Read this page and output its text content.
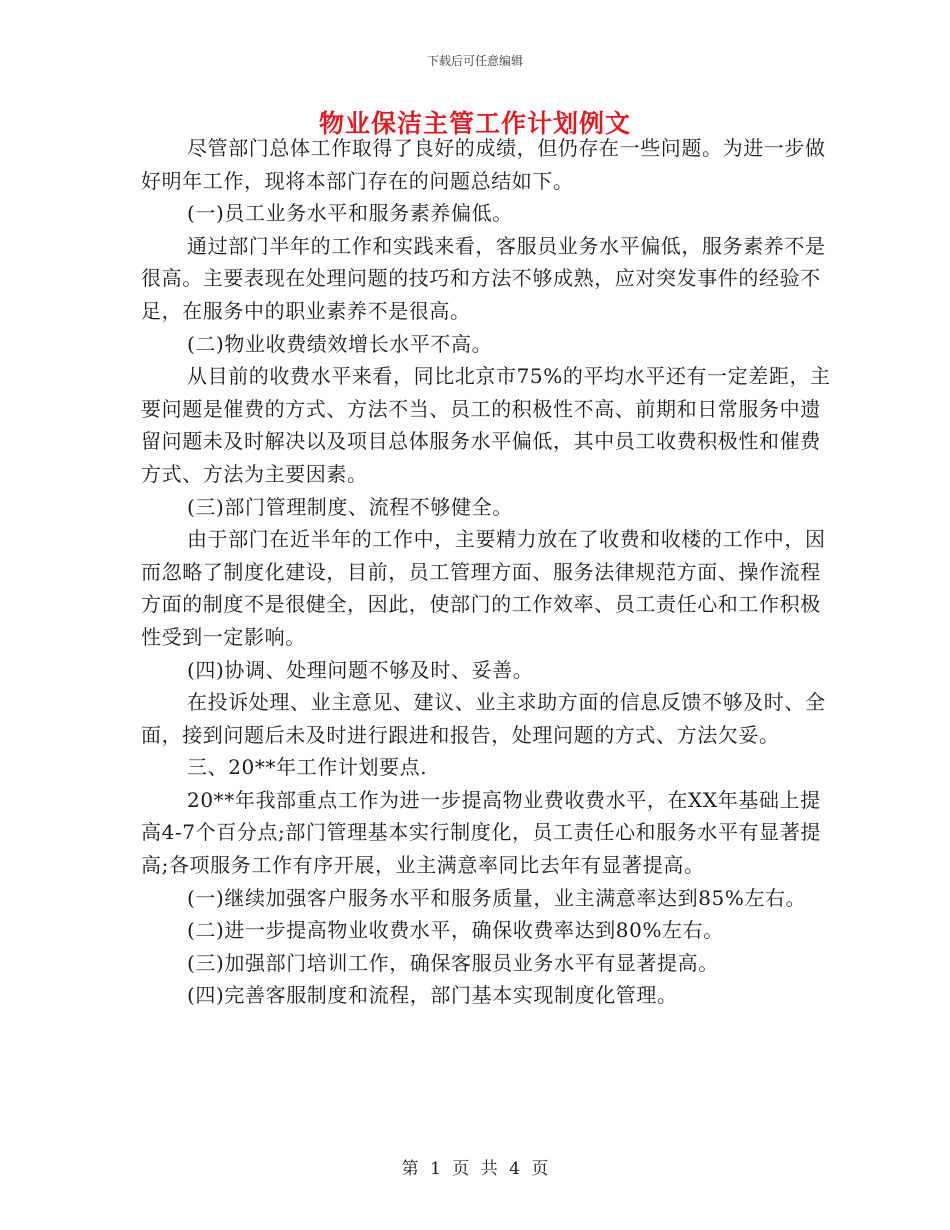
下载后可任意编辑
物业保洁主管工作计划例文

尽管部门总体工作取得了良好的成绩，但仍存在一些问题。为进一步做好明年工作，现将本部门存在的问题总结如下。

(一)员工业务水平和服务素养偏低。

通过部门半年的工作和实践来看，客服员业务水平偏低，服务素养不是很高。主要表现在处理问题的技巧和方法不够成熟，应对突发事件的经验不足，在服务中的职业素养不是很高。

(二)物业收费绩效增长水平不高。

从目前的收费水平来看，同比北京市75%的平均水平还有一定差距，主要问题是催费的方式、方法不当、员工的积极性不高、前期和日常服务中遗留问题未及时解决以及项目总体服务水平偏低，其中员工收费积极性和催费方式、方法为主要因素。

(三)部门管理制度、流程不够健全。

由于部门在近半年的工作中，主要精力放在了收费和收楼的工作中，因而忽略了制度化建设，目前，员工管理方面、服务法律规范方面、操作流程方面的制度不是很健全，因此，使部门的工作效率、员工责任心和工作积极性受到一定影响。

(四)协调、处理问题不够及时、妥善。

在投诉处理、业主意见、建议、业主求助方面的信息反馈不够及时、全面，接到问题后未及时进行跟进和报告，处理问题的方式、方法欠妥。

三、20**年工作计划要点.

20**年我部重点工作为进一步提高物业费收费水平，在XX年基础上提高4-7个百分点;部门管理基本实行制度化，员工责任心和服务水平有显著提高;各项服务工作有序开展，业主满意率同比去年有显著提高。

(一)继续加强客户服务水平和服务质量，业主满意率达到85%左右。

(二)进一步提高物业收费水平，确保收费率达到80%左右。

(三)加强部门培训工作，确保客服员业务水平有显著提高。

(四)完善客服制度和流程，部门基本实现制度化管理。

第 1 页 共 4 页
